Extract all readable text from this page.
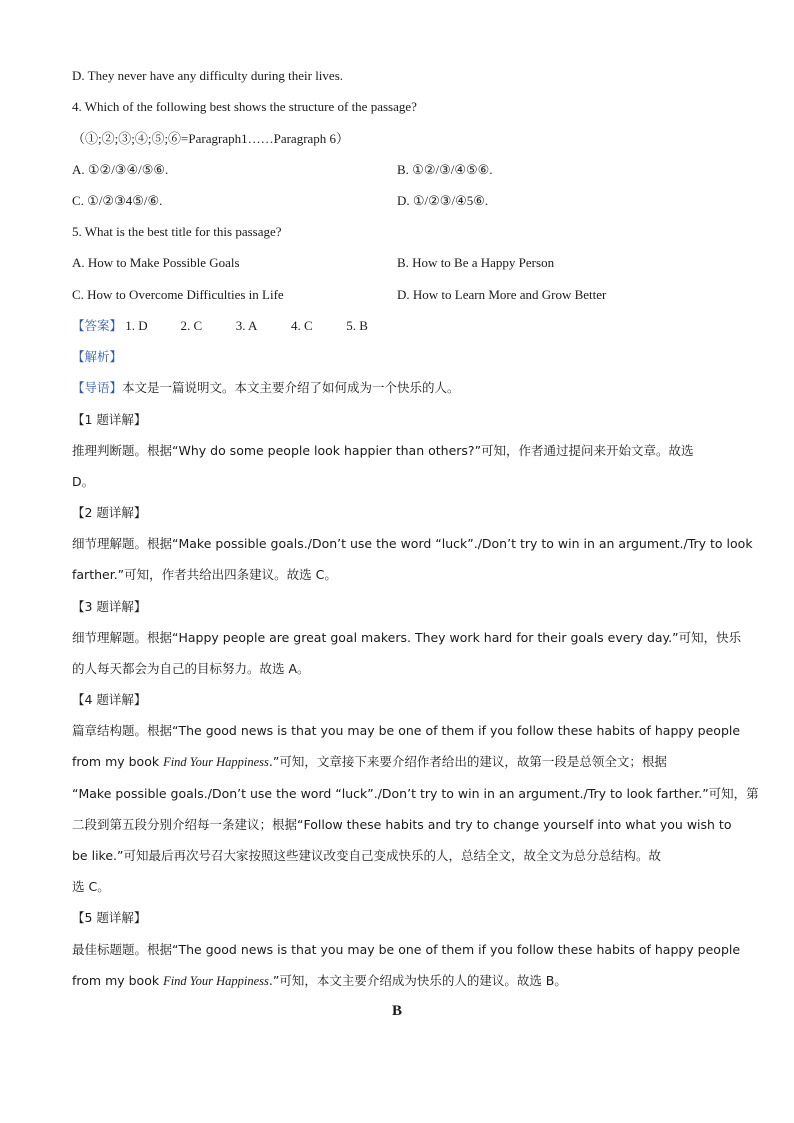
D. They never have any difficulty during their lives.
4. Which of the following best shows the structure of the passage?
（①;②;③;④;⑤;⑥=Paragraph1……Paragraph 6）
A. ①②/③④/⑤⑥.	B. ①②/③/④⑤⑥.
C. ①/②③4⑤/⑥.	D. ①/②③/④5⑥.
5. What is the best title for this passage?
A. How to Make Possible Goals	B. How to Be a Happy Person
C. How to Overcome Difficulties in Life	D. How to Learn More and Grow Better
【答案】 1. D	2. C	3. A	4. C	5. B
【解析】
【导语】本文是一篇说明文。本文主要介绍了如何成为一个快乐的人。
【1 题详解】
推理判断题。根据“Why do some people look happier than others?”可知，作者通过提问来开始文章。故选
D。
【2 题详解】
细节理解题。根据“Make possible goals./Don’t use the word “luck”./Don’t try to win in an argument./Try to look
farther.”可知，作者共给出四条建议。故选 C。
【3 题详解】
细节理解题。根据“Happy people are great goal makers. They work hard for their goals every day.”可知，快乐
的人每天都会为自己的目标努力。故选 A。
【4 题详解】
篇章结构题。根据“The good news is that you may be one of them if you follow these habits of happy people
from my book Find Your Happiness.”可知，文章接下来要介绍作者给出的建议，故第一段是总领全文；根据
“Make possible goals./Don’t use the word “luck”./Don’t try to win in an argument./Try to look farther.”可知，第
二段到第五段分别介绍每一条建议；根据“Follow these habits and try to change yourself into what you wish to
be like.”可知最后再次号召大家按照这些建议改变自己变成快乐的人，总结全文，故全文为总分总结构。故
选 C。
【5 题详解】
最佳标题题。根据“The good news is that you may be one of them if you follow these habits of happy people
from my book Find Your Happiness.”可知，本文主要介绍成为快乐的人的建议。故选 B。
B
